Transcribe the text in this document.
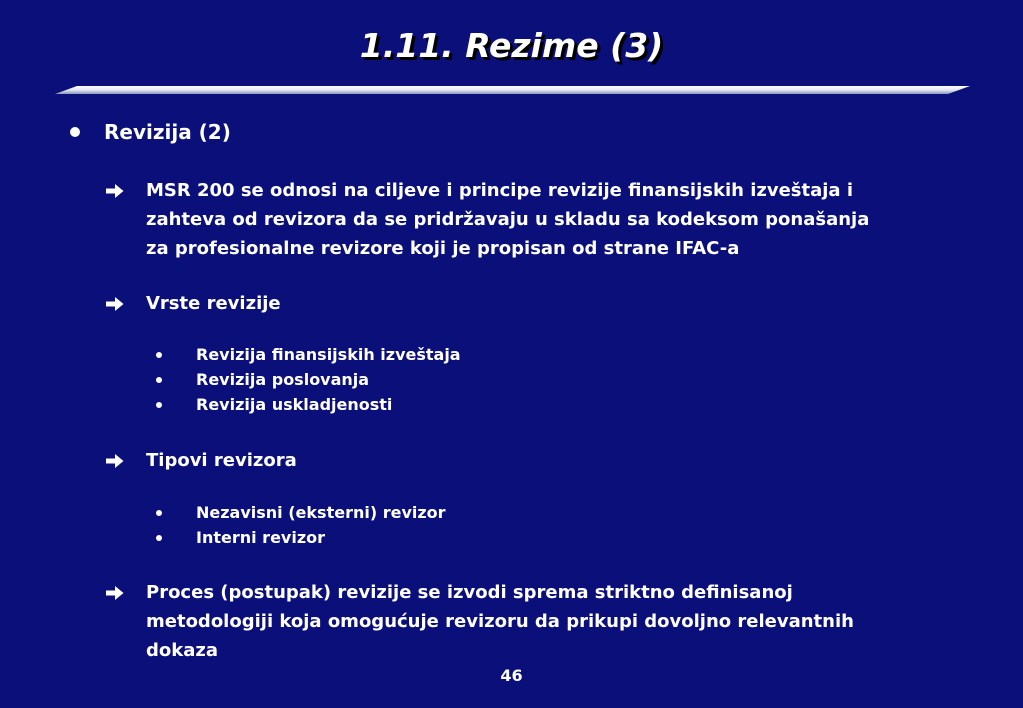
1.11. Rezime (3)
Revizija (2)
MSR 200 se odnosi na ciljeve i principe revizije finansijskih izveštaja i
zahteva od revizora da se pridržavaju u skladu sa kodeksom ponašanja
za profesionalne revizore koji je propisan od strane IFAC-a
Vrste revizije
Revizija finansijskih izveštaja
Revizija poslovanja
Revizija uskladjenosti
Tipovi revizora
Nezavisni (eksterni) revizor
Interni revizor
Proces (postupak) revizije se izvodi sprema striktno definisanoj
metodologiji koja omogućuje revizoru da prikupi dovoljno relevantnih
dokaza
46
